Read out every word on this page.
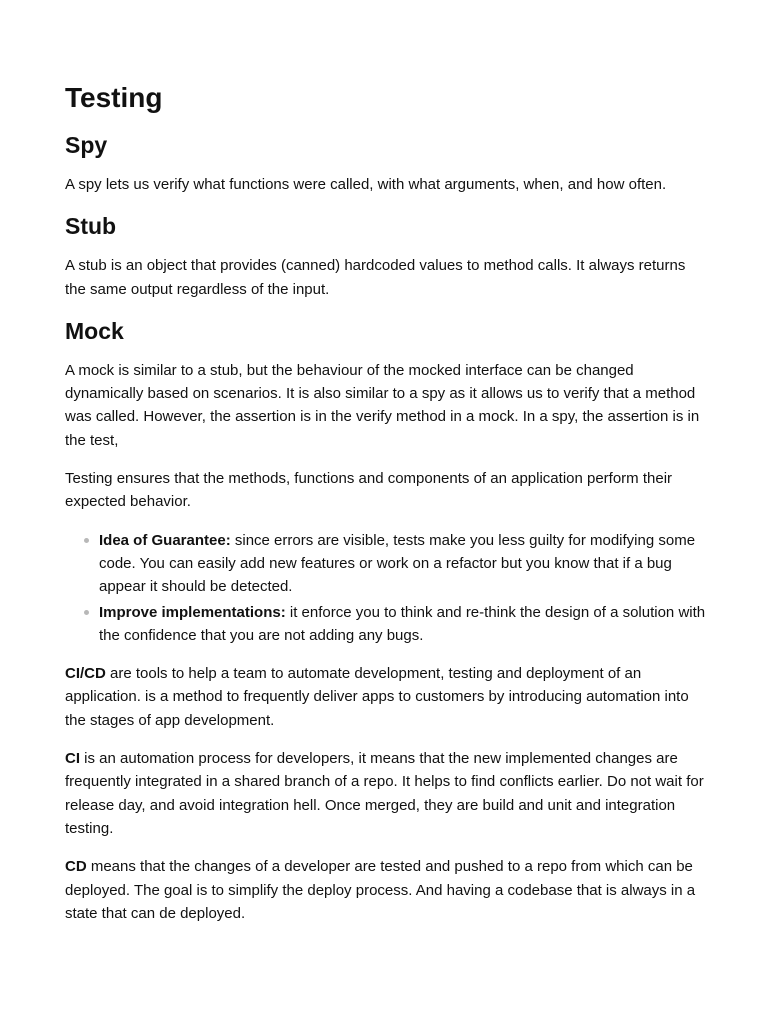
Testing
Spy

A spy lets us verify what functions were called, with what arguments, when, and how often.

Stub

A stub is an object that provides (canned) hardcoded values to method calls. It always returns the same output regardless of the input.

Mock

A mock is similar to a stub, but the behaviour of the mocked interface can be changed dynamically based on scenarios. It is also similar to a spy as it allows us to verify that a method was called. However, the assertion is in the verify method in a mock. In a spy, the assertion is in the test,

Testing ensures that the methods, functions and components of an application perform their expected behavior.

Idea of Guarantee: since errors are visible, tests make you less guilty for modifying some code. You can easily add new features or work on a refactor but you know that if a bug appear it should be detected.
Improve implementations: it enforce you to think and re-think the design of a solution with the confidence that you are not adding any bugs.

CI/CD are tools to help a team to automate development, testing and deployment of an application. is a method to frequently deliver apps to customers by introducing automation into the stages of app development.

CI is an automation process for developers, it means that the new implemented changes are frequently integrated in a shared branch of a repo. It helps to find conflicts earlier. Do not wait for release day, and avoid integration hell. Once merged, they are build and unit and integration testing.

CD means that the changes of a developer are tested and pushed to a repo from which can be deployed. The goal is to simplify the deploy process. And having a codebase that is always in a state that can de deployed.
